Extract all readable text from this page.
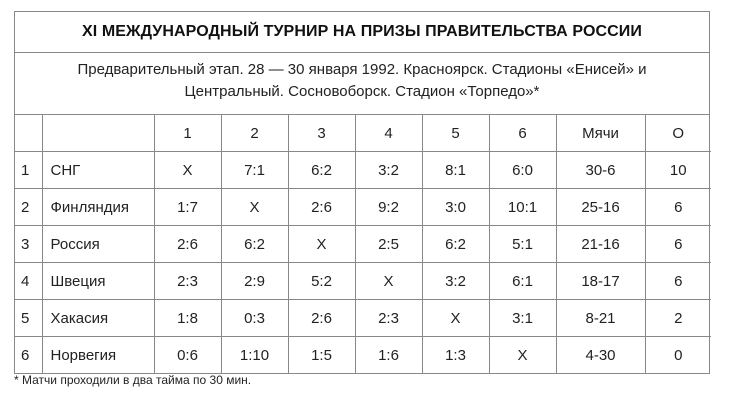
XI МЕЖДУНАРОДНЫЙ ТУРНИР НА ПРИЗЫ ПРАВИТЕЛЬСТВА РОССИИ
Предварительный этап. 28 — 30 января 1992. Красноярск. Стадионы «Енисей» и
Центральный. Сосновоборск. Стадион «Торпедо»*
		1	2	3	4	5	6	Мячи	О
1	СНГ	X	7:1	6:2	3:2	8:1	6:0	30-6	10
2	Финляндия	1:7	X	2:6	9:2	3:0	10:1	25-16	6
3	Россия	2:6	6:2	X	2:5	6:2	5:1	21-16	6
4	Швеция	2:3	2:9	5:2	X	3:2	6:1	18-17	6
5	Хакасия	1:8	0:3	2:6	2:3	X	3:1	8-21	2
6	Норвегия	0:6	1:10	1:5	1:6	1:3	X	4-30	0
* Матчи проходили в два тайма по 30 мин.
